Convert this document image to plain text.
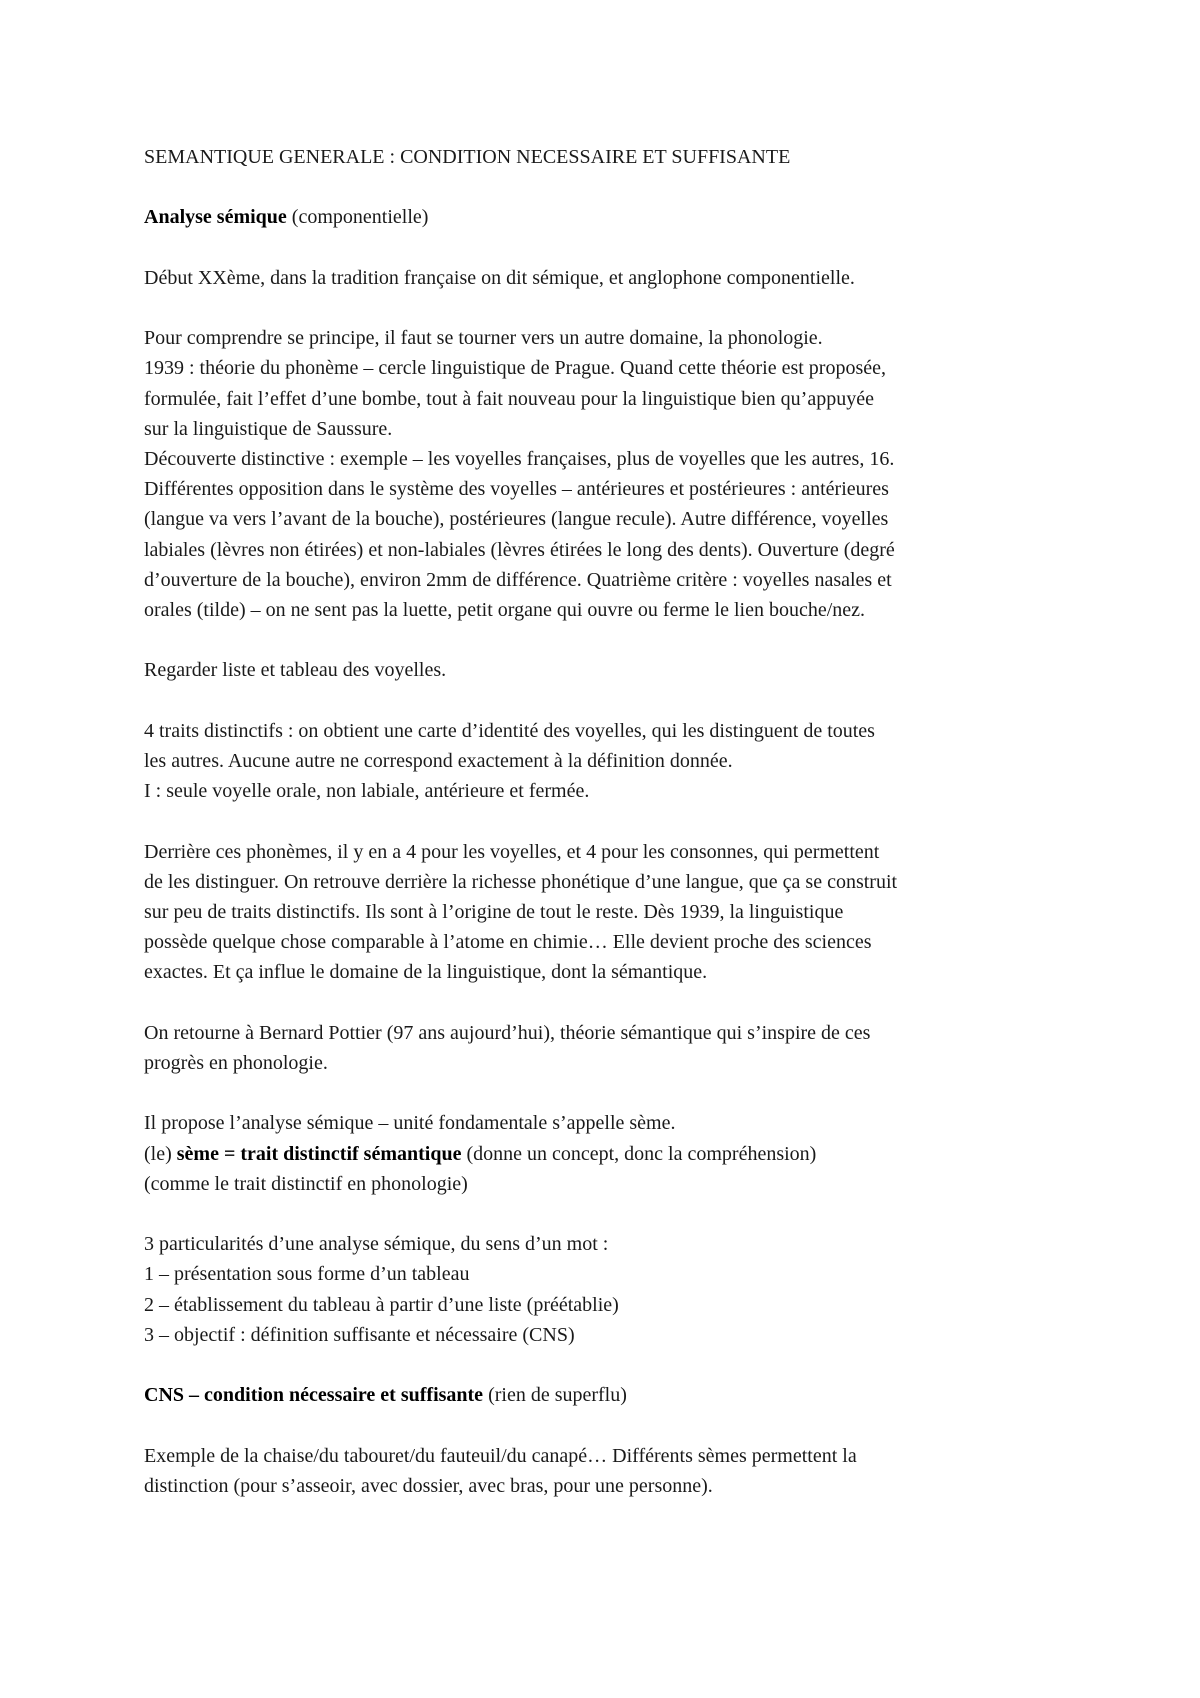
SEMANTIQUE GENERALE : CONDITION NECESSAIRE ET SUFFISANTE

Analyse sémique (componentielle)

Début XXème, dans la tradition française on dit sémique, et anglophone componentielle.

Pour comprendre se principe, il faut se tourner vers un autre domaine, la phonologie.

1939 : théorie du phonème – cercle linguistique de Prague. Quand cette théorie est proposée,

formulée, fait l’effet d’une bombe, tout à fait nouveau pour la linguistique bien qu’appuyée

sur la linguistique de Saussure.

Découverte distinctive : exemple – les voyelles françaises, plus de voyelles que les autres, 16.

Différentes opposition dans le système des voyelles – antérieures et postérieures : antérieures

(langue va vers l’avant de la bouche), postérieures (langue recule). Autre différence, voyelles

labiales (lèvres non étirées) et non-labiales (lèvres étirées le long des dents). Ouverture (degré

d’ouverture de la bouche), environ 2mm de différence. Quatrième critère : voyelles nasales et

orales (tilde) – on ne sent pas la luette, petit organe qui ouvre ou ferme le lien bouche/nez.

Regarder liste et tableau des voyelles.

4 traits distinctifs : on obtient une carte d’identité des voyelles, qui les distinguent de toutes

les autres. Aucune autre ne correspond exactement à la définition donnée.

I : seule voyelle orale, non labiale, antérieure et fermée.

Derrière ces phonèmes, il y en a 4 pour les voyelles, et 4 pour les consonnes, qui permettent

de les distinguer. On retrouve derrière la richesse phonétique d’une langue, que ça se construit

sur peu de traits distinctifs. Ils sont à l’origine de tout le reste. Dès 1939, la linguistique

possède quelque chose comparable à l’atome en chimie… Elle devient proche des sciences

exactes. Et ça influe le domaine de la linguistique, dont la sémantique.

On retourne à Bernard Pottier (97 ans aujourd’hui), théorie sémantique qui s’inspire de ces

progrès en phonologie.

Il propose l’analyse sémique – unité fondamentale s’appelle sème.

(le) sème = trait distinctif sémantique (donne un concept, donc la compréhension)

(comme le trait distinctif en phonologie)

3 particularités d’une analyse sémique, du sens d’un mot :

1 – présentation sous forme d’un tableau

2 – établissement du tableau à partir d’une liste (préétablie)

3 – objectif : définition suffisante et nécessaire (CNS)

CNS – condition nécessaire et suffisante (rien de superflu)

Exemple de la chaise/du tabouret/du fauteuil/du canapé… Différents sèmes permettent la

distinction (pour s’asseoir, avec dossier, avec bras, pour une personne).
